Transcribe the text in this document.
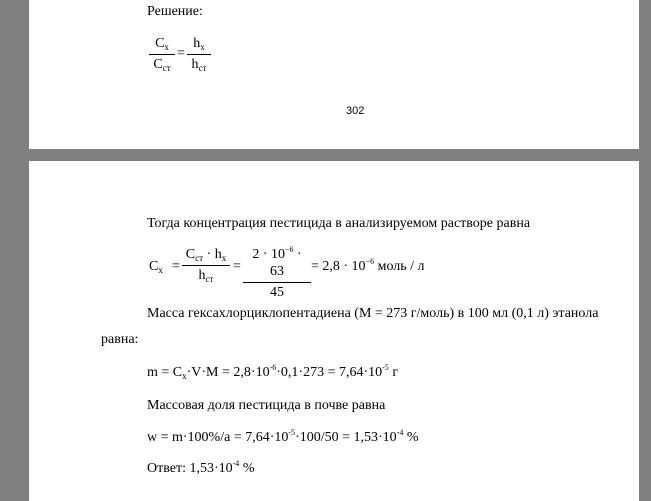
Решение:
$C_x$
$C_{ст}$
=
$h_x$
$h_{ст}$
302
Тогда концентрация пестицида в анализируемом растворе равна
$C_x$ =
$C_{ст} \cdot h_x$
$h_{ст}$
=
$2 \cdot 10^{-6} \cdot 63$
45
= $2,8 \cdot 10^{-6}$ моль / л
Масса гексахлорциклопентадиена (M = 273 г/моль) в 100 мл (0,1 л) этанола
равна:
$m = C_x\cdot V\cdot M = 2,8\cdot 10^{-6}\cdot 0,1\cdot 273 = 7,64\cdot 10^{-5}$ г
Массовая доля пестицида в почве равна
$w = m\cdot 100\%/a = 7,64\cdot 10^{-5}\cdot 100/50 = 1,53\cdot 10^{-4}$ %
Ответ: $1,53\cdot 10^{-4}$ %
